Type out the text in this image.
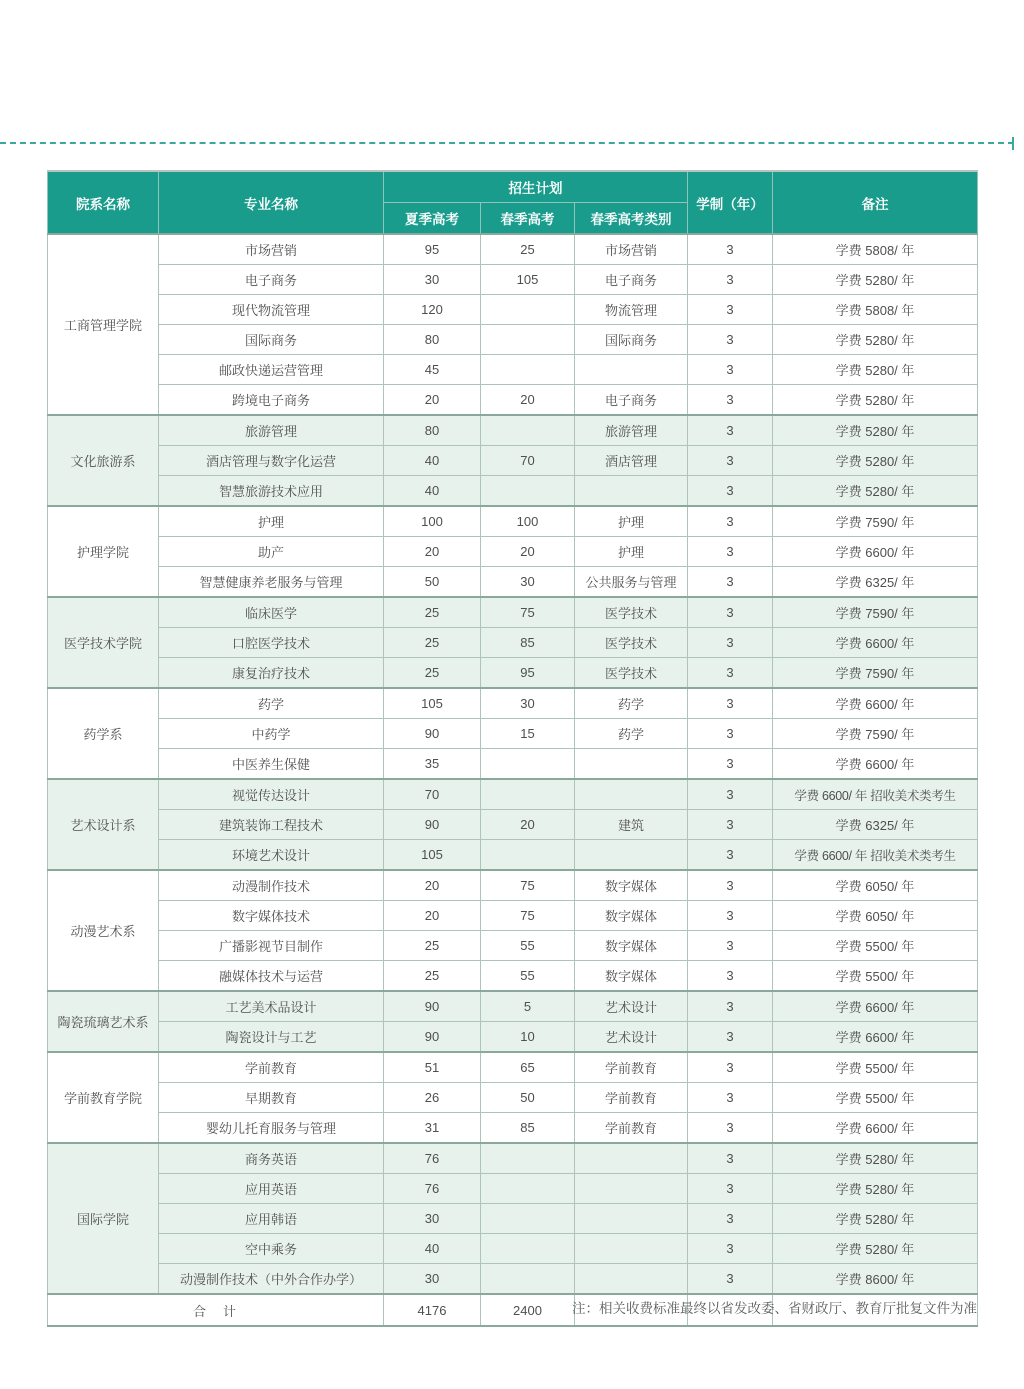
院系名称	专业名称	招生计划			学制（年）	备注
		夏季高考	春季高考	春季高考类别		
工商管理学院	市场营销	95	25	市场营销	3	学费 5808/ 年
	电子商务	30	105	电子商务	3	学费 5280/ 年
	现代物流管理	120		物流管理	3	学费 5808/ 年
	国际商务	80		国际商务	3	学费 5280/ 年
	邮政快递运营管理	45			3	学费 5280/ 年
	跨境电子商务	20	20	电子商务	3	学费 5280/ 年
文化旅游系	旅游管理	80		旅游管理	3	学费 5280/ 年
	酒店管理与数字化运营	40	70	酒店管理	3	学费 5280/ 年
	智慧旅游技术应用	40			3	学费 5280/ 年
护理学院	护理	100	100	护理	3	学费 7590/ 年
	助产	20	20	护理	3	学费 6600/ 年
	智慧健康养老服务与管理	50	30	公共服务与管理	3	学费 6325/ 年
医学技术学院	临床医学	25	75	医学技术	3	学费 7590/ 年
	口腔医学技术	25	85	医学技术	3	学费 6600/ 年
	康复治疗技术	25	95	医学技术	3	学费 7590/ 年
药学系	药学	105	30	药学	3	学费 6600/ 年
	中药学	90	15	药学	3	学费 7590/ 年
	中医养生保健	35			3	学费 6600/ 年
艺术设计系	视觉传达设计	70			3	学费 6600/ 年 招收美术类考生
	建筑装饰工程技术	90	20	建筑	3	学费 6325/ 年
	环境艺术设计	105			3	学费 6600/ 年 招收美术类考生
动漫艺术系	动漫制作技术	20	75	数字媒体	3	学费 6050/ 年
	数字媒体技术	20	75	数字媒体	3	学费 6050/ 年
	广播影视节目制作	25	55	数字媒体	3	学费 5500/ 年
	融媒体技术与运营	25	55	数字媒体	3	学费 5500/ 年
陶瓷琉璃艺术系	工艺美术品设计	90	5	艺术设计	3	学费 6600/ 年
	陶瓷设计与工艺	90	10	艺术设计	3	学费 6600/ 年
学前教育学院	学前教育	51	65	学前教育	3	学费 5500/ 年
	早期教育	26	50	学前教育	3	学费 5500/ 年
	婴幼儿托育服务与管理	31	85	学前教育	3	学费 6600/ 年
国际学院	商务英语	76			3	学费 5280/ 年
	应用英语	76			3	学费 5280/ 年
	应用韩语	30			3	学费 5280/ 年
	空中乘务	40			3	学费 5280/ 年
	动漫制作技术（中外合作办学）	30			3	学费 8600/ 年
合　计		4176	2400				注：相关收费标准最终以省发改委、省财政厅、教育厅批复文件为准
